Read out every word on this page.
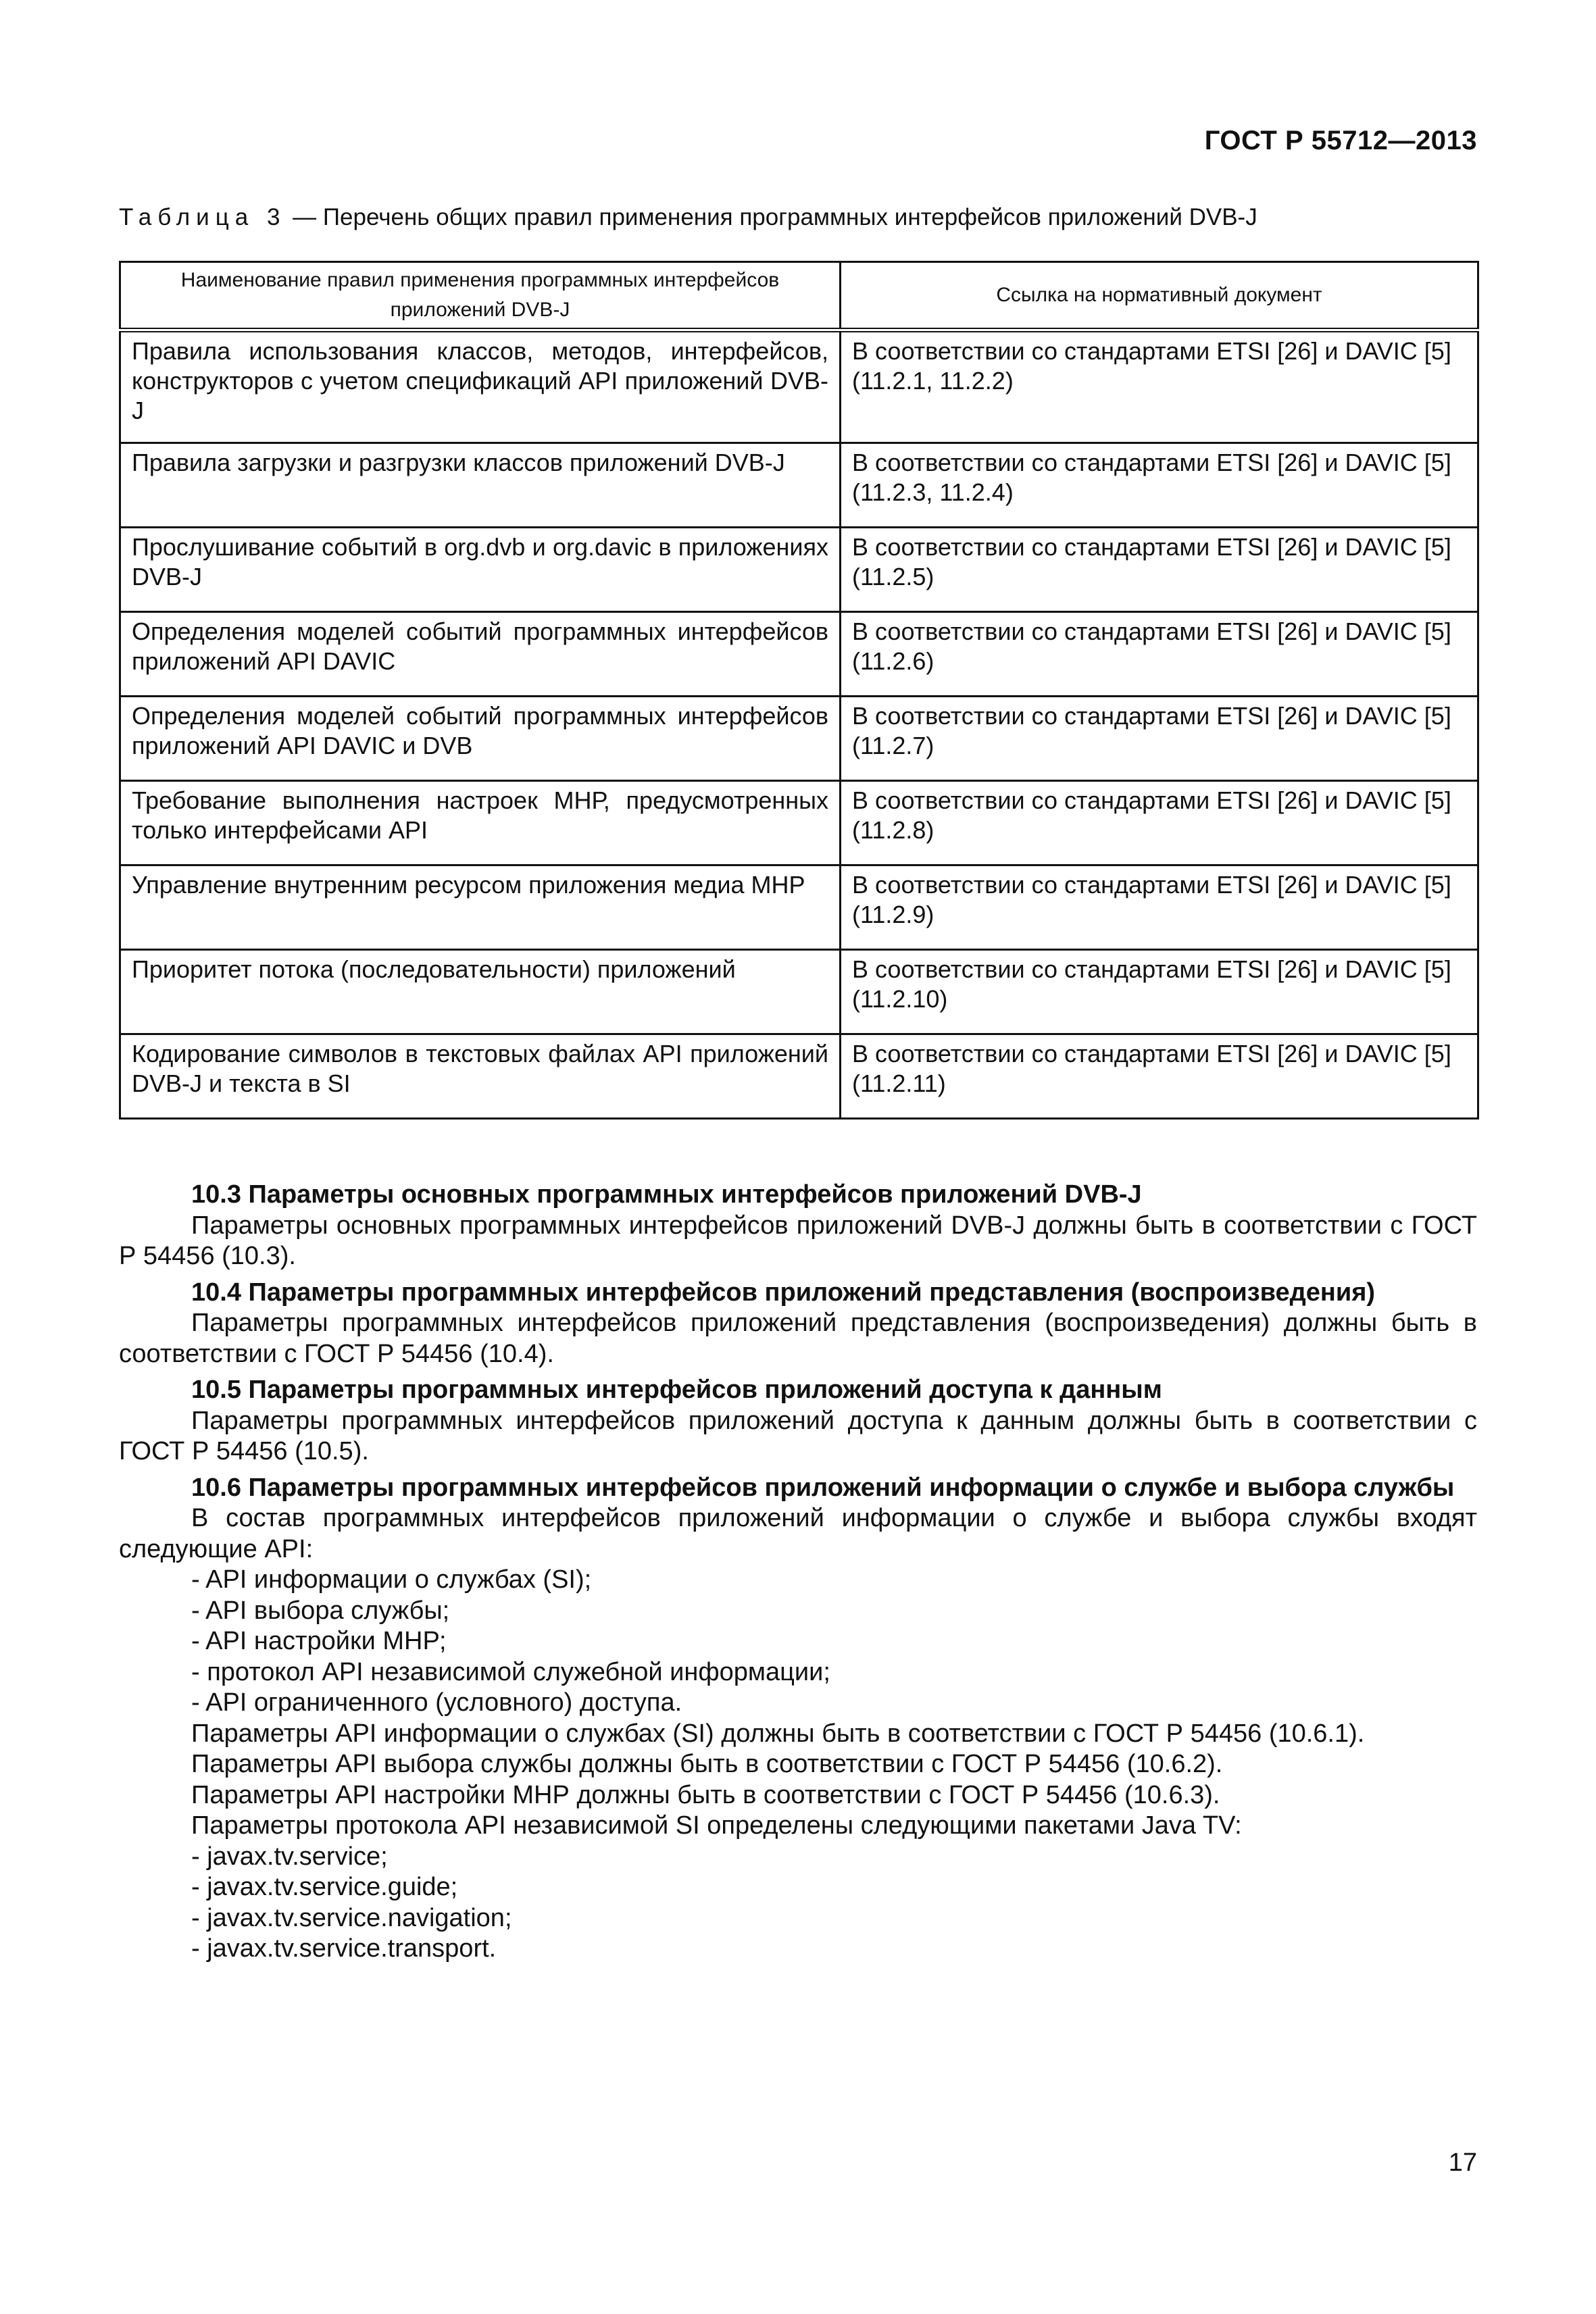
ГОСТ Р 55712—2013
Таблица 3 — Перечень общих правил применения программных интерфейсов приложений DVB-J
Наименование правил применения программных интерфейсов приложений DVB-J	Ссылка на нормативный документ
Правила использования классов, методов, интерфейсов, конструкторов с учетом спецификаций API приложений DVB-J	В соответствии со стандартами ETSI [26] и DAVIC [5] (11.2.1, 11.2.2)
Правила загрузки и разгрузки классов приложений DVB-J	В соответствии со стандартами ETSI [26] и DAVIC [5] (11.2.3, 11.2.4)
Прослушивание событий в org.dvb и org.davic в приложениях DVB-J	В соответствии со стандартами ETSI [26] и DAVIC [5] (11.2.5)
Определения моделей событий программных интерфейсов приложений API DAVIC	В соответствии со стандартами ETSI [26] и DAVIC [5] (11.2.6)
Определения моделей событий программных интерфейсов приложений API DAVIC и DVB	В соответствии со стандартами ETSI [26] и DAVIC [5] (11.2.7)
Требование выполнения настроек МНР, предусмотренных только интерфейсами API	В соответствии со стандартами ETSI [26] и DAVIC [5] (11.2.8)
Управление внутренним ресурсом приложения медиа МНР	В соответствии со стандартами ETSI [26] и DAVIC [5] (11.2.9)
Приоритет потока (последовательности) приложений	В соответствии со стандартами ETSI [26] и DAVIC [5] (11.2.10)
Кодирование символов в текстовых файлах API приложений DVB-J и текста в SI	В соответствии со стандартами ETSI [26] и DAVIC [5] (11.2.11)

10.3 Параметры основных программных интерфейсов приложений DVB-J

Параметры основных программных интерфейсов приложений DVB-J должны быть в соответствии с ГОСТ Р 54456 (10.3).

10.4 Параметры программных интерфейсов приложений представления (воспроизведения)

Параметры программных интерфейсов приложений представления (воспроизведения) должны быть в соответствии с ГОСТ Р 54456 (10.4).

10.5 Параметры программных интерфейсов приложений доступа к данным

Параметры программных интерфейсов приложений доступа к данным должны быть в соответствии с ГОСТ Р 54456 (10.5).

10.6 Параметры программных интерфейсов приложений информации о службе и выбора службы

В состав программных интерфейсов приложений информации о службе и выбора службы входят следующие API:

- API информации о службах (SI);

- API выбора службы;

- API настройки МНР;

- протокол API независимой служебной информации;

- API ограниченного (условного) доступа.

Параметры API информации о службах (SI) должны быть в соответствии с ГОСТ Р 54456 (10.6.1).

Параметры API выбора службы должны быть в соответствии с ГОСТ Р 54456 (10.6.2).

Параметры API настройки МНР должны быть в соответствии с ГОСТ Р 54456 (10.6.3).

Параметры протокола API независимой SI определены следующими пакетами Java TV:

- javax.tv.service;

- javax.tv.service.guide;

- javax.tv.service.navigation;

- javax.tv.service.transport.

17
